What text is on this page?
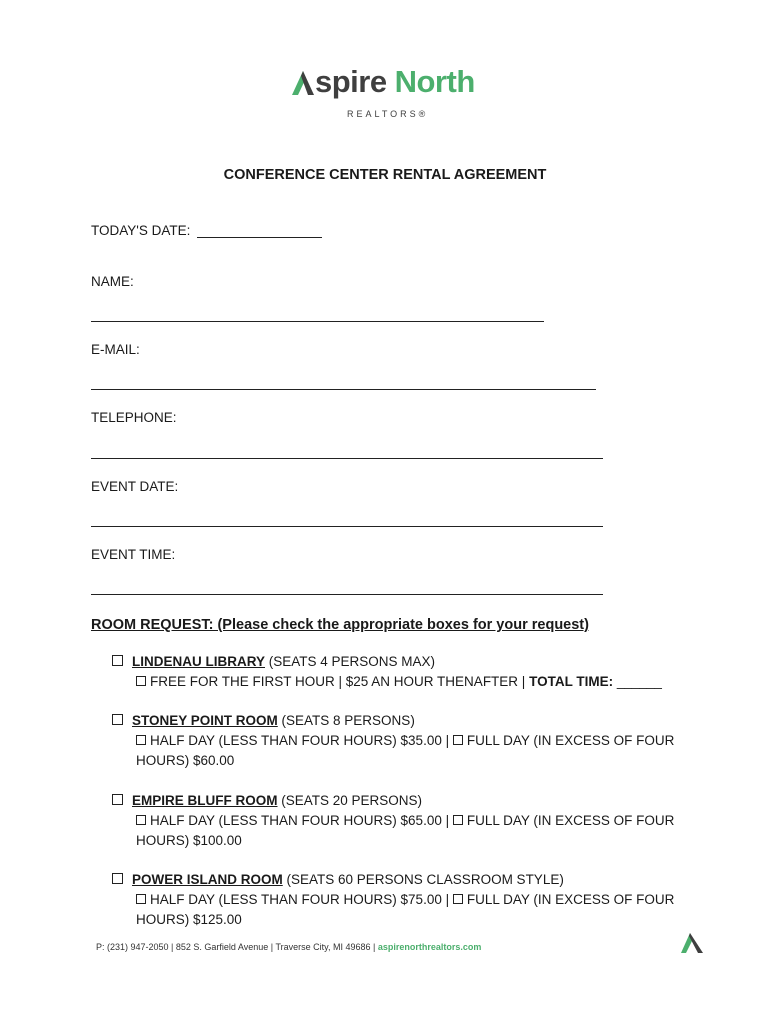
spire North
REALTORS®
CONFERENCE CENTER RENTAL AGREEMENT
TODAY'S DATE:
NAME:
E-MAIL:
TELEPHONE:
EVENT DATE:
EVENT TIME:
ROOM REQUEST: (Please check the appropriate boxes for your request)
LINDENAU LIBRARY (SEATS 4 PERSONS MAX)
FREE FOR THE FIRST HOUR | $25 AN HOUR THENAFTER | TOTAL TIME: ______
STONEY POINT ROOM (SEATS 8 PERSONS)
HALF DAY (LESS THAN FOUR HOURS) $35.00 | FULL DAY (IN EXCESS OF FOUR HOURS) $60.00
EMPIRE BLUFF ROOM (SEATS 20 PERSONS)
HALF DAY (LESS THAN FOUR HOURS) $65.00 | FULL DAY (IN EXCESS OF FOUR HOURS) $100.00
POWER ISLAND ROOM (SEATS 60 PERSONS CLASSROOM STYLE)
HALF DAY (LESS THAN FOUR HOURS) $75.00 | FULL DAY (IN EXCESS OF FOUR HOURS) $125.00
P: (231) 947-2050 | 852 S. Garfield Avenue | Traverse City, MI 49686 | aspirenorthrealtors.com
